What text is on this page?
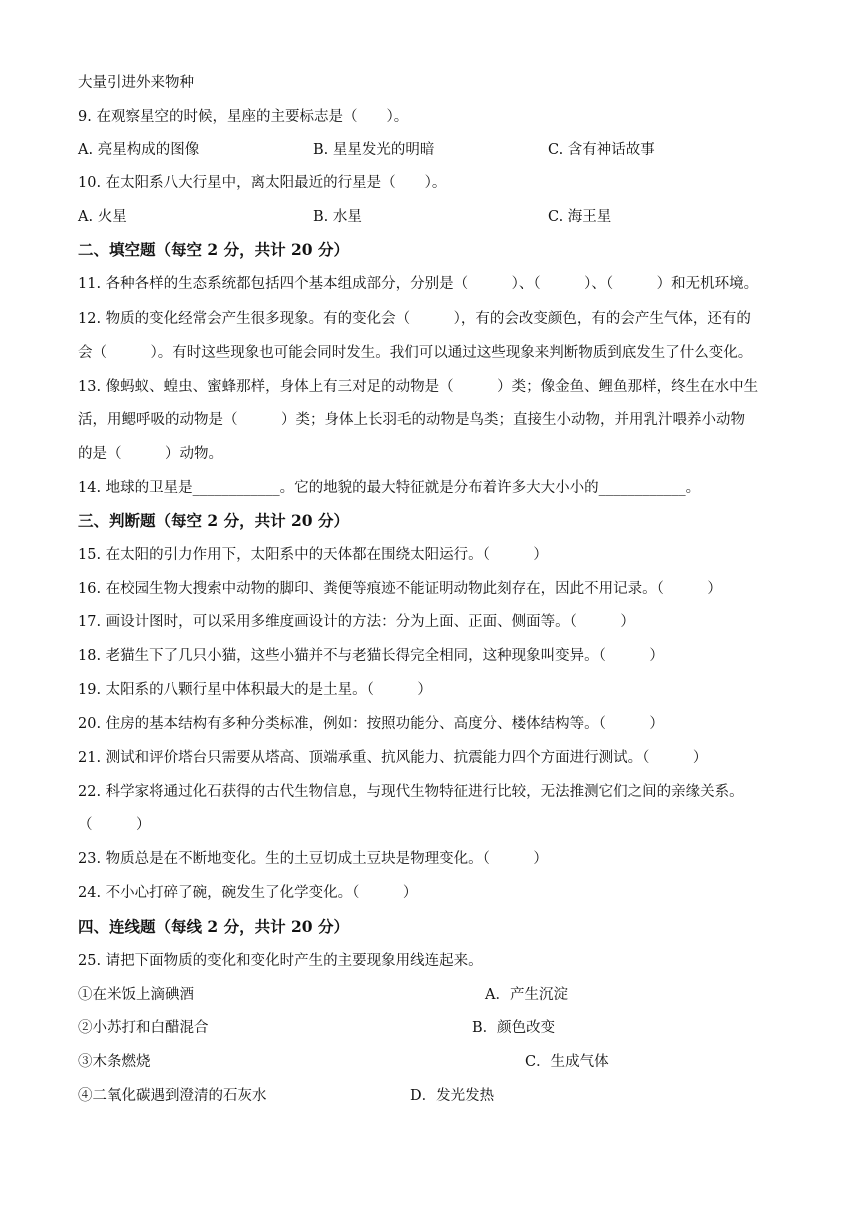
大量引进外来物种
9. 在观察星空的时候，星座的主要标志是（　　）。
A. 亮星构成的图像	B. 星星发光的明暗	C. 含有神话故事
10. 在太阳系八大行星中，离太阳最近的行星是（　　）。
A. 火星	B. 水星	C. 海王星
二、填空题（每空 2 分，共计 20 分）
11. 各种各样的生态系统都包括四个基本组成部分，分别是（　　　）、（　　　）、（　　　）和无机环境。
12. 物质的变化经常会产生很多现象。有的变化会（　　　），有的会改变颜色，有的会产生气体，还有的
会（　　　）。有时这些现象也可能会同时发生。我们可以通过这些现象来判断物质到底发生了什么变化。
13. 像蚂蚁、蝗虫、蜜蜂那样，身体上有三对足的动物是（　　　）类；像金鱼、鲤鱼那样，终生在水中生
活，用鳃呼吸的动物是（　　　）类；身体上长羽毛的动物是鸟类；直接生小动物，并用乳汁喂养小动物
的是（　　　）动物。
14. 地球的卫星是____________。它的地貌的最大特征就是分布着许多大大小小的____________。
三、判断题（每空 2 分，共计 20 分）
15. 在太阳的引力作用下，太阳系中的天体都在围绕太阳运行。（　　　）
16. 在校园生物大搜索中动物的脚印、粪便等痕迹不能证明动物此刻存在，因此不用记录。（　　　）
17. 画设计图时，可以采用多维度画设计的方法：分为上面、正面、侧面等。（　　　）
18. 老猫生下了几只小猫，这些小猫并不与老猫长得完全相同，这种现象叫变异。（　　　）
19. 太阳系的八颗行星中体积最大的是土星。（　　　）
20. 住房的基本结构有多种分类标准，例如：按照功能分、高度分、楼体结构等。（　　　）
21. 测试和评价塔台只需要从塔高、顶端承重、抗风能力、抗震能力四个方面进行测试。（　　　）
22. 科学家将通过化石获得的古代生物信息，与现代生物特征进行比较，无法推测它们之间的亲缘关系。
（　　　）
23. 物质总是在不断地变化。生的土豆切成土豆块是物理变化。（　　　）
24. 不小心打碎了碗，碗发生了化学变化。（　　　）
四、连线题（每线 2 分，共计 20 分）
25. 请把下面物质的变化和变化时产生的主要现象用线连起来。
①在米饭上滴碘酒	A．产生沉淀
②小苏打和白醋混合	B．颜色改变
③木条燃烧	C．生成气体
④二氧化碳遇到澄清的石灰水	D．发光发热
